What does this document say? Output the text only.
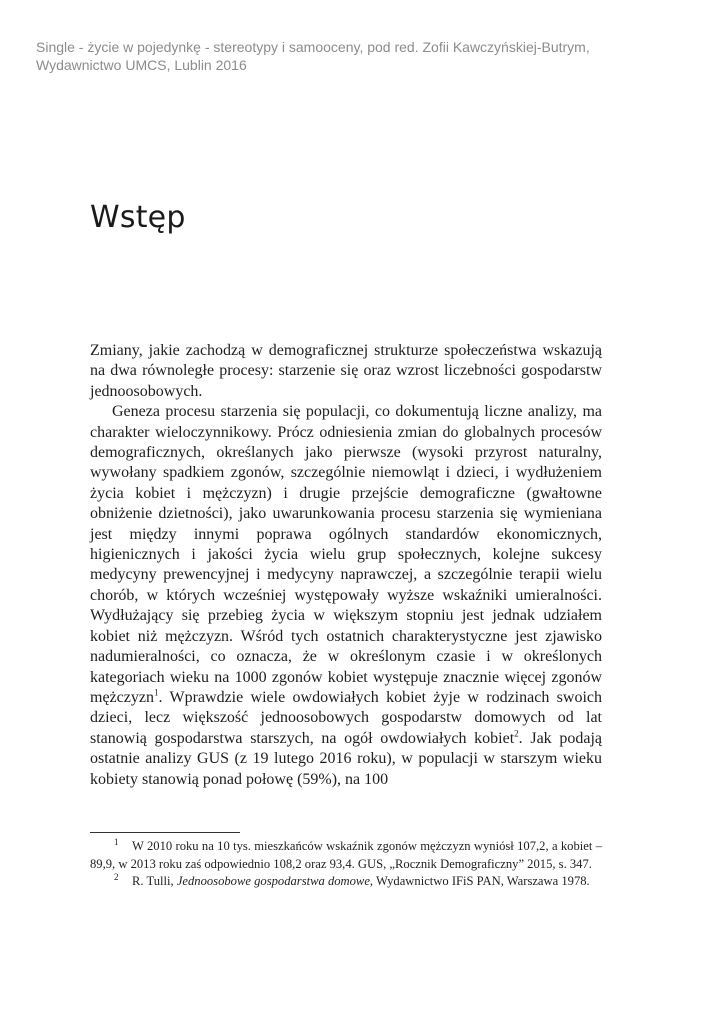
Single - życie w pojedynkę - stereotypy i samooceny, pod red. Zofii Kawczyńskiej-Butrym,
Wydawnictwo UMCS, Lublin 2016
Wstęp

Zmiany, jakie zachodzą w demograficznej strukturze społeczeństwa wskazują na dwa równoległe procesy: starzenie się oraz wzrost liczebności gospodarstw jednoosobowych.

Geneza procesu starzenia się populacji, co dokumentują liczne analizy, ma charakter wieloczynnikowy. Prócz odniesienia zmian do globalnych procesów demograficznych, określanych jako pierwsze (wysoki przyrost naturalny, wywołany spadkiem zgonów, szczególnie niemowląt i dzieci, i wydłużeniem życia kobiet i mężczyzn) i drugie przejście demograficzne (gwałtowne obniżenie dzietności), jako uwarunkowania procesu starzenia się wymieniana jest między innymi poprawa ogólnych standardów ekonomicznych, higienicznych i jakości życia wielu grup społecznych, kolejne sukcesy medycyny prewencyjnej i medycyny naprawczej, a szczególnie terapii wielu chorób, w których wcześniej występowały wyższe wskaźniki umieralności. Wydłużający się przebieg życia w większym stopniu jest jednak udziałem kobiet niż mężczyzn. Wśród tych ostatnich charakterystyczne jest zjawisko nadumieralności, co oznacza, że w określonym czasie i w określonych kategoriach wieku na 1000 zgonów kobiet występuje znacznie więcej zgonów mężczyzn$^1$. Wprawdzie wiele owdowiałych kobiet żyje w rodzinach swoich dzieci, lecz większość jednoosobowych gospodarstw domowych od lat stanowią gospodarstwa starszych, na ogół owdowiałych kobiet$^2$. Jak podają ostatnie analizy GUS (z 19 lutego 2016 roku), w populacji w starszym wieku kobiety stanowią ponad połowę (59%), na 100

1 W 2010 roku na 10 tys. mieszkańców wskaźnik zgonów mężczyzn wyniósł 107,2, a kobiet – 89,9, w 2013 roku zaś odpowiednio 108,2 oraz 93,4. GUS, „Rocznik Demograficzny” 2015, s. 347.

2 R. Tulli, Jednoosobowe gospodarstwa domowe, Wydawnictwo IFiS PAN, Warszawa 1978.
